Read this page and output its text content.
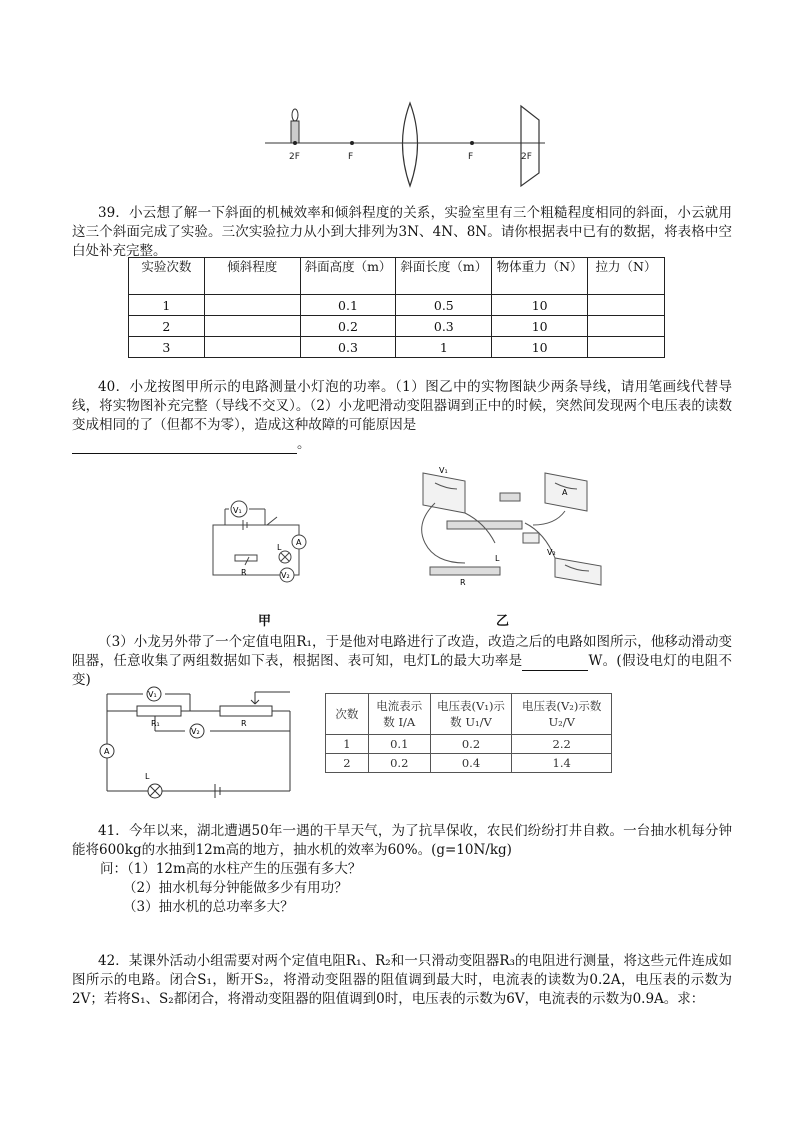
2F	F	F	2F
39．小云想了解一下斜面的机械效率和倾斜程度的关系，实验室里有三个粗糙程度相同的斜面，小云就用这三个斜面完成了实验。三次实验拉力从小到大排列为3N、4N、8N。请你根据表中已有的数据，将表格中空白处补充完整。
实验次数	倾斜程度	斜面高度（m）	斜面长度（m）	物体重力（N）	拉力（N）
1		0.1	0.5	10	
2		0.2	0.3	10	
3		0.3	1	10	
40．小龙按图甲所示的电路测量小灯泡的功率。（1）图乙中的实物图缺少两条导线，请用笔画线代替导线，将实物图补充完整（导线不交叉）。（2）小龙吧滑动变阻器调到正中的时候，突然间发现两个电压表的读数变成相同的了（但都不为零），造成这种故障的可能原因是
。
V₁
A
L
V₂
R
甲
V₁
V₂
A
L
R
乙
（3）小龙另外带了一个定值电阻R₁，于是他对电路进行了改造，改造之后的电路如图所示，他移动滑动变阻器，任意收集了两组数据如下表，根据图、表可知，电灯L的最大功率是	W。(假设电灯的电阻不变)
V₁
R₁	R
V₂
A
L
次数	电流表示数 I/A	电压表(V₁)示数 U₁/V	电压表(V₂)示数 U₂/V
1	0.1	0.2	2.2
2	0.2	0.4	1.4
41．今年以来，湖北遭遇50年一遇的干旱天气，为了抗旱保收，农民们纷纷打井自救。一台抽水机每分钟能将600kg的水抽到12m高的地方，抽水机的效率为60%。(g=10N/kg)
问：（1）12m高的水柱产生的压强有多大？
（2）抽水机每分钟能做多少有用功？
（3）抽水机的总功率多大？
42．某课外活动小组需要对两个定值电阻R₁、R₂和一只滑动变阻器R₃的电阻进行测量，将这些元件连成如图所示的电路。闭合S₁，断开S₂，将滑动变阻器的阻值调到最大时，电流表的读数为0.2A，电压表的示数为2V；若将S₁、S₂都闭合，将滑动变阻器的阻值调到0时，电压表的示数为6V，电流表的示数为0.9A。求：
